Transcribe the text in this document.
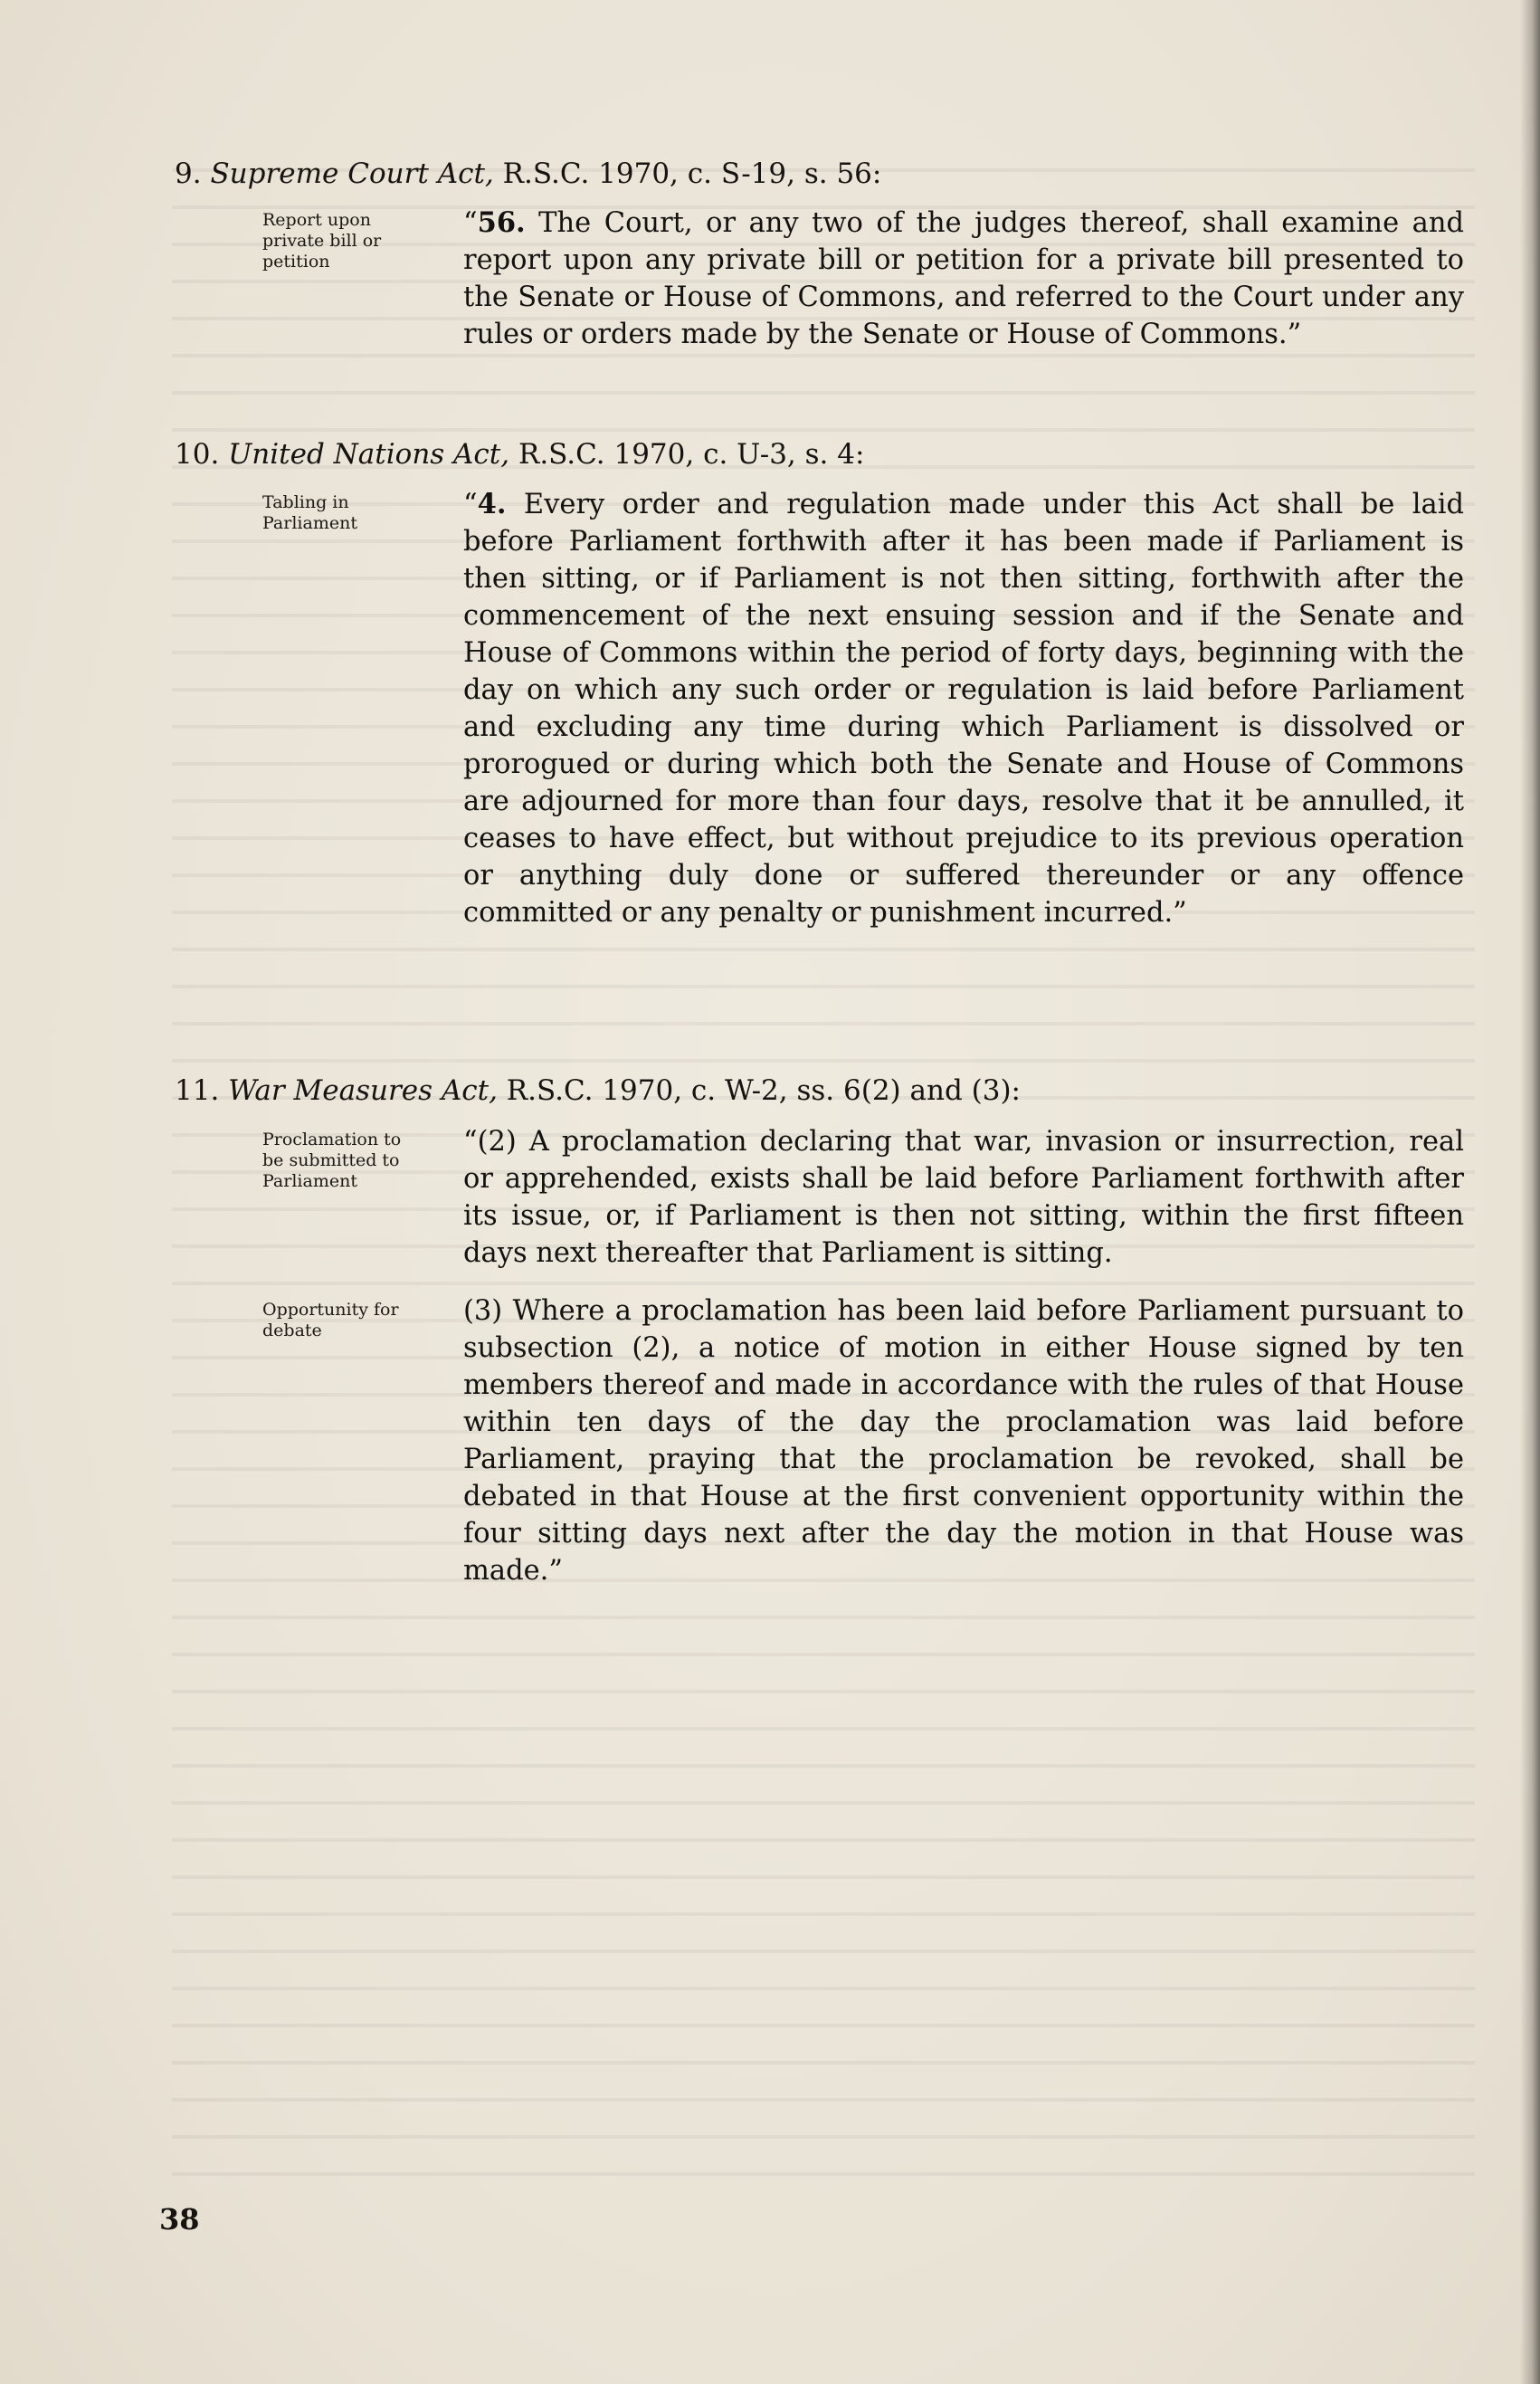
9. Supreme Court Act, R.S.C. 1970, c. S-19, s. 56:
Report upon private bill or petition
“56. The Court, or any two of the judges thereof, shall examine and report upon any private bill or petition for a private bill presented to the Senate or House of Commons, and referred to the Court under any rules or orders made by the Senate or House of Commons.”
10. United Nations Act, R.S.C. 1970, c. U-3, s. 4:
Tabling in Parliament
“4. Every order and regulation made under this Act shall be laid before Parliament forthwith after it has been made if Parliament is then sitting, or if Parliament is not then sitting, forthwith after the commencement of the next ensuing session and if the Senate and House of Commons within the period of forty days, beginning with the day on which any such order or regulation is laid before Parliament and excluding any time during which Parliament is dissolved or prorogued or during which both the Senate and House of Commons are adjourned for more than four days, resolve that it be annulled, it ceases to have effect, but without prejudice to its previous operation or anything duly done or suffered thereunder or any offence committed or any penalty or punishment incurred.”
11. War Measures Act, R.S.C. 1970, c. W-2, ss. 6(2) and (3):
Proclamation to be submitted to Parliament
“(2) A proclamation declaring that war, invasion or insurrection, real or apprehended, exists shall be laid before Parliament forthwith after its issue, or, if Parliament is then not sitting, within the first fifteen days next thereafter that Parliament is sitting.
Opportunity for debate
(3) Where a proclamation has been laid before Parliament pursuant to subsection (2), a notice of motion in either House signed by ten members thereof and made in accordance with the rules of that House within ten days of the day the proclamation was laid before Parliament, praying that the proclamation be revoked, shall be debated in that House at the first convenient opportunity within the four sitting days next after the day the motion in that House was made.”
38
